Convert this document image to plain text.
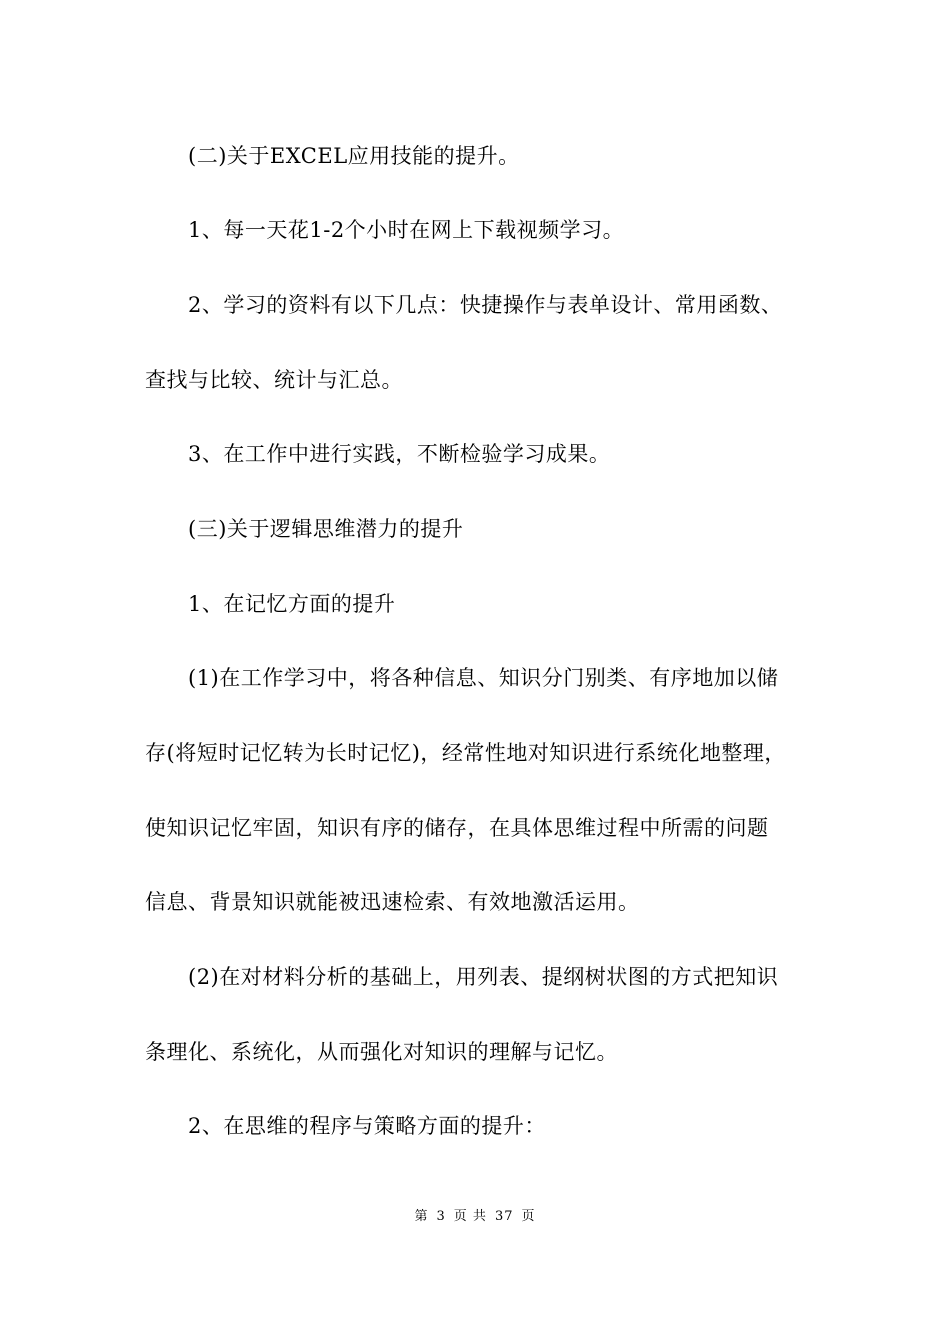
(二)关于EXCEL应用技能的提升。
1、每一天花1-2个小时在网上下载视频学习。
2、学习的资料有以下几点：快捷操作与表单设计、常用函数、
查找与比较、统计与汇总。
3、在工作中进行实践，不断检验学习成果。
(三)关于逻辑思维潜力的提升
1、在记忆方面的提升
(1)在工作学习中，将各种信息、知识分门别类、有序地加以储
存(将短时记忆转为长时记忆)，经常性地对知识进行系统化地整理，
使知识记忆牢固，知识有序的储存，在具体思维过程中所需的问题
信息、背景知识就能被迅速检索、有效地激活运用。
(2)在对材料分析的基础上，用列表、提纲树状图的方式把知识
条理化、系统化，从而强化对知识的理解与记忆。
2、在思维的程序与策略方面的提升：
第 3 页 共 37 页
